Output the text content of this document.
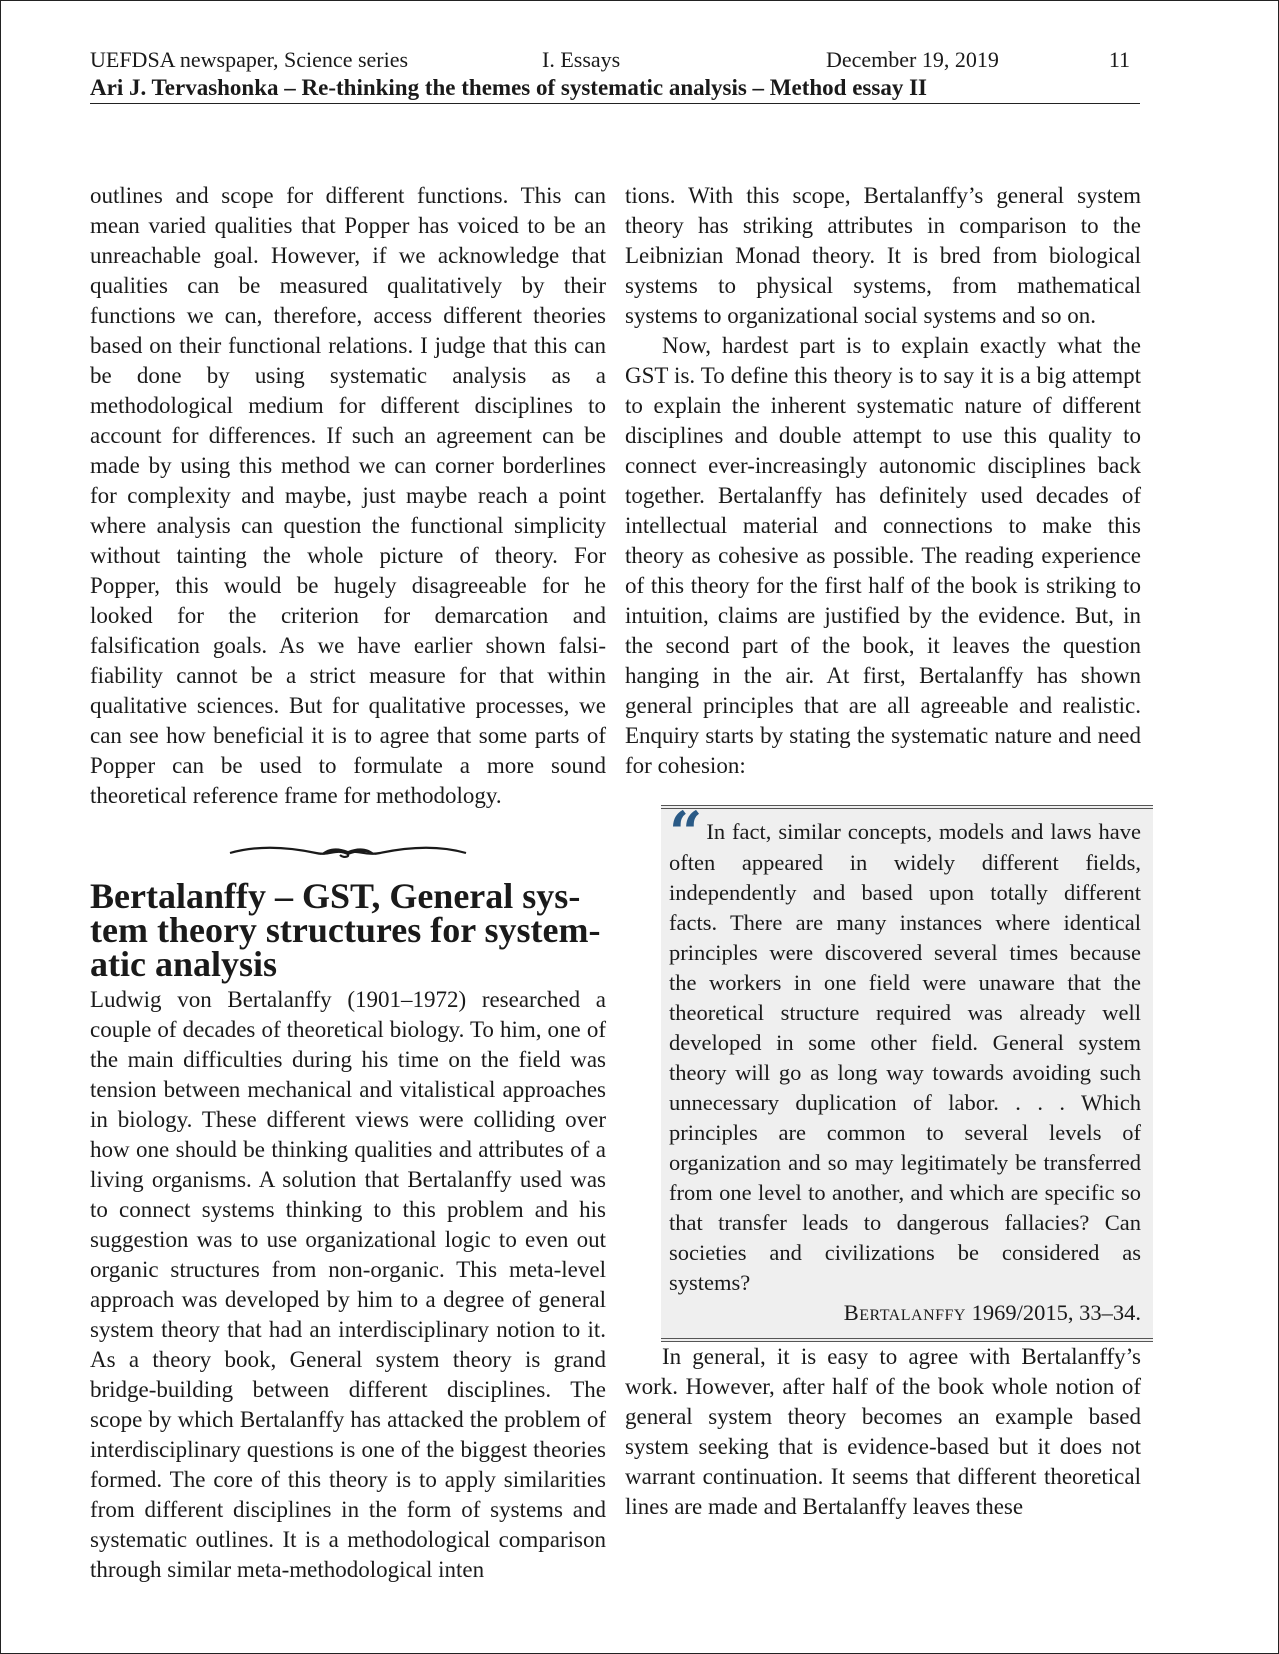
UEFDSA newspaper, Science series	I. Essays	December 19, 2019	11
Ari J. Tervashonka – Re-thinking the themes of systematic analysis – Method essay II

outlines and scope for different functions. This can mean varied qualities that Popper has voiced to be an unreachable goal. However, if we acknowledge that qualities can be measured qualitatively by their functions we can, therefore, access different theories based on their functional relations. I judge that this can be done by using systematic analysis as a methodological medium for different disciplines to account for differences. If such an agreement can be made by using this method we can corner borderlines for complexity and maybe, just maybe reach a point where analysis can question the functional simplicity without tainting the whole picture of theory. For Popper, this would be hugely disagreeable for he looked for the criterion for demarcation and falsification goals. As we have earlier shown falsifiability cannot be a strict measure for that within qualitative sciences. But for qualitative processes, we can see how beneficial it is to agree that some parts of Popper can be used to formulate a more sound theoretical reference frame for methodology.

Bertalanffy – GST, General system theory structures for systematic analysis

Ludwig von Bertalanffy (1901–1972) researched a couple of decades of theoretical biology. To him, one of the main difficulties during his time on the field was tension between mechanical and vitalistical approaches in biology. These different views were colliding over how one should be thinking qualities and attributes of a living organisms. A solution that Bertalanffy used was to connect systems thinking to this problem and his suggestion was to use organizational logic to even out organic structures from non-organic. This meta-level approach was developed by him to a degree of general system theory that had an interdisciplinary notion to it. As a theory book, General system theory is grand bridge-building between different disciplines. The scope by which Bertalanffy has attacked the problem of interdisciplinary questions is one of the biggest theories formed. The core of this theory is to apply similarities from different disciplines in the form of systems and systematic outlines. It is a methodological comparison through similar meta-methodological inten

tions. With this scope, Bertalanffy’s general system theory has striking attributes in comparison to the Leibnizian Monad theory. It is bred from biological systems to physical systems, from mathematical systems to organizational social systems and so on.

Now, hardest part is to explain exactly what the GST is. To define this theory is to say it is a big attempt to explain the inherent systematic nature of different disciplines and double attempt to use this quality to connect ever-increasingly autonomic disciplines back together. Bertalanffy has definitely used decades of intellectual material and connections to make this theory as cohesive as possible. The reading experience of this theory for the first half of the book is striking to intuition, claims are justified by the evidence. But, in the second part of the book, it leaves the question hanging in the air. At first, Bertalanffy has shown general principles that are all agreeable and realistic. Enquiry starts by stating the systematic nature and need for cohesion:

“ In fact, similar concepts, models and laws have often appeared in widely different fields, independently and based upon totally different facts. There are many instances where identical principles were discovered several times because the workers in one field were unaware that the theoretical structure required was already well developed in some other field. General system theory will go as long way towards avoiding such unnecessary duplication of labor. . . . Which principles are common to several levels of organization and so may legitimately be transferred from one level to another, and which are specific so that transfer leads to dangerous fallacies? Can societies and civilizations be considered as systems?

Bertalanffy 1969/2015, 33–34.

In general, it is easy to agree with Bertalanffy’s work. However, after half of the book whole notion of general system theory becomes an example based system seeking that is evidence-based but it does not warrant continuation. It seems that different theoretical lines are made and Bertalanffy leaves these
